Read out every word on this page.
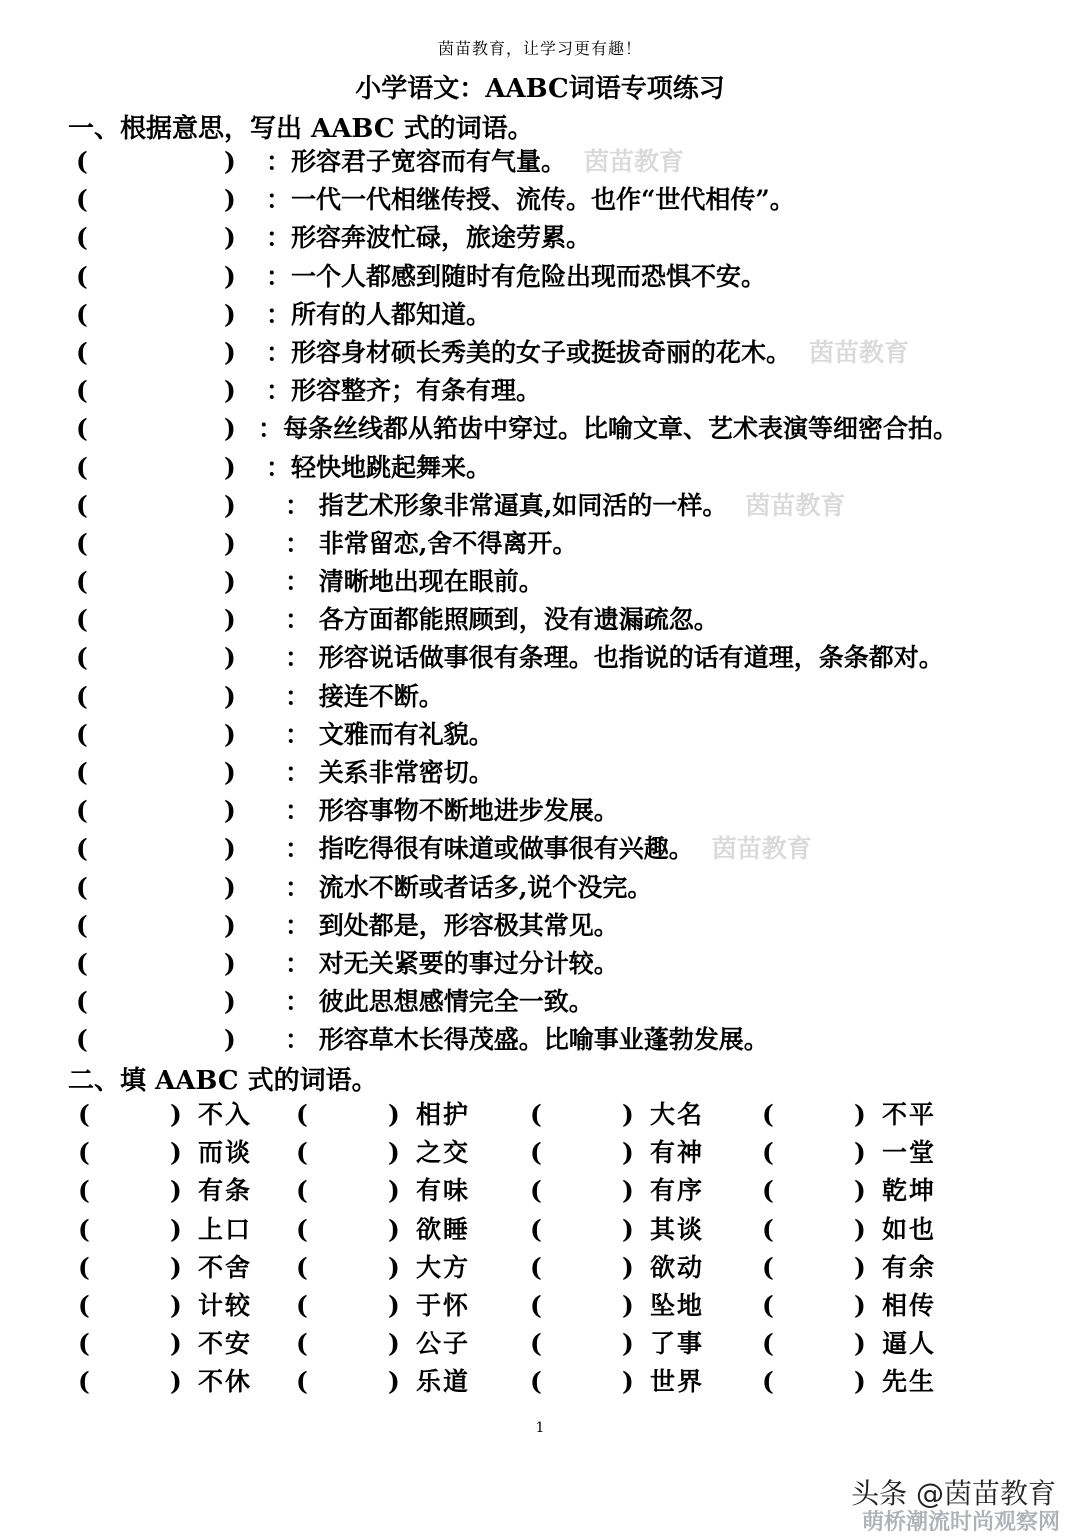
茵苗教育，让学习更有趣！
小学语文：AABC词语专项练习
一、根据意思，写出 AABC 式的词语。
(	) ：形容君子宽容而有气量。 茵苗教育
(	) ：一代一代相继传授、流传。也作“世代相传”。
(	) ：形容奔波忙碌，旅途劳累。
(	) ：一个人都感到随时有危险出现而恐惧不安。
(	) ：所有的人都知道。
(	) ：形容身材硕长秀美的女子或挺拔奇丽的花木。 茵苗教育
(	) ：形容整齐；有条有理。
(	) ：每条丝线都从筘齿中穿过。比喻文章、艺术表演等细密合拍。
(	) ：轻快地跳起舞来。
(	) ： 指艺术形象非常逼真,如同活的一样。 茵苗教育
(	) ： 非常留恋,舍不得离开。
(	) ： 清晰地出现在眼前。
(	) ： 各方面都能照顾到，没有遗漏疏忽。
(	) ： 形容说话做事很有条理。也指说的话有道理，条条都对。
(	) ： 接连不断。
(	) ： 文雅而有礼貌。
(	) ： 关系非常密切。
(	) ： 形容事物不断地进步发展。
(	) ： 指吃得很有味道或做事很有兴趣。 茵苗教育
(	) ： 流水不断或者话多,说个没完。
(	) ： 到处都是，形容极其常见。
(	) ： 对无关紧要的事过分计较。
(	) ： 彼此思想感情完全一致。
(	) ： 形容草木长得茂盛。比喻事业蓬勃发展。
二、填 AABC 式的词语。
(	) 不入 (	) 相护 (	) 大名 (	) 不平
(	) 而谈 (	) 之交 (	) 有神 (	) 一堂
(	) 有条 (	) 有味 (	) 有序 (	) 乾坤
(	) 上口 (	) 欲睡 (	) 其谈 (	) 如也
(	) 不舍 (	) 大方 (	) 欲动 (	) 有余
(	) 计较 (	) 于怀 (	) 坠地 (	) 相传
(	) 不安 (	) 公子 (	) 了事 (	) 逼人
(	) 不休 (	) 乐道 (	) 世界 (	) 先生
1
头条 @茵苗教育
萌桥潮流时尚观察网
